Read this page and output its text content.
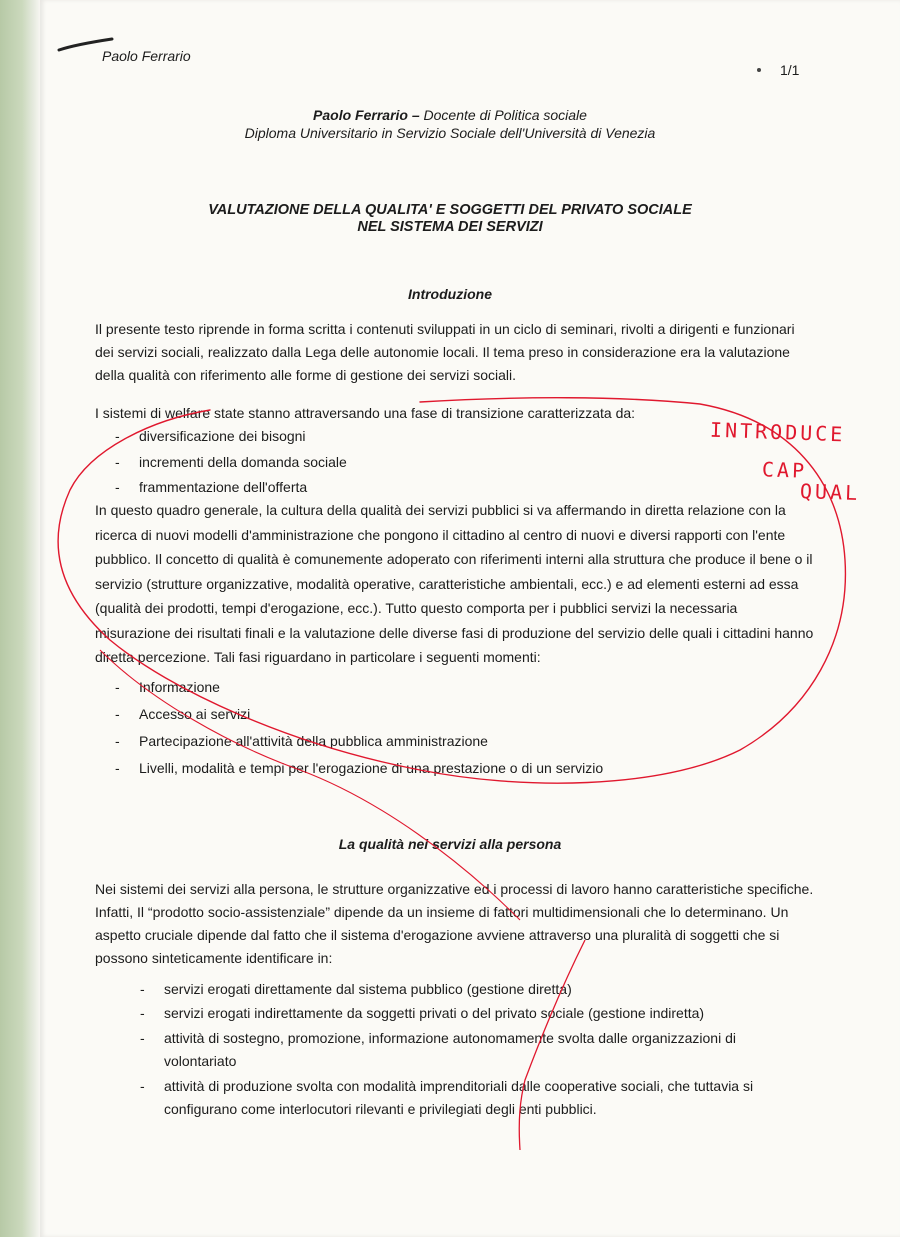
Paolo Ferrario
1/1
Paolo Ferrario – Docente di Politica sociale
Diploma Universitario in Servizio Sociale dell'Università di Venezia
VALUTAZIONE DELLA QUALITA' E SOGGETTI DEL PRIVATO SOCIALE
NEL SISTEMA DEI SERVIZI
Introduzione

Il presente testo riprende in forma scritta i contenuti sviluppati in un ciclo di seminari, rivolti a dirigenti e funzionari dei servizi sociali, realizzato dalla Lega delle autonomie locali. Il tema preso in considerazione era la valutazione della qualità con riferimento alle forme di gestione dei servizi sociali.

I sistemi di welfare state stanno attraversando una fase di transizione caratterizzata da:

- diversificazione dei bisogni
- incrementi della domanda sociale
- frammentazione dell'offerta

In questo quadro generale, la cultura della qualità dei servizi pubblici si va affermando in diretta relazione con la ricerca di nuovi modelli d'amministrazione che pongono il cittadino al centro di nuovi e diversi rapporti con l'ente pubblico. Il concetto di qualità è comunemente adoperato con riferimenti interni alla struttura che produce il bene o il servizio (strutture organizzative, modalità operative, caratteristiche ambientali, ecc.) e ad elementi esterni ad essa (qualità dei prodotti, tempi d'erogazione, ecc.). Tutto questo comporta per i pubblici servizi la necessaria misurazione dei risultati finali e la valutazione delle diverse fasi di produzione del servizio delle quali i cittadini hanno diretta percezione. Tali fasi riguardano in particolare i seguenti momenti:

- Informazione
- Accesso ai servizi
- Partecipazione all'attività della pubblica amministrazione
- Livelli, modalità e tempi per l'erogazione di una prestazione o di un servizio
La qualità nei servizi alla persona

Nei sistemi dei servizi alla persona, le strutture organizzative ed i processi di lavoro hanno caratteristiche specifiche. Infatti, Il “prodotto socio-assistenziale” dipende da un insieme di fattori multidimensionali che lo determinano. Un aspetto cruciale dipende dal fatto che il sistema d'erogazione avviene attraverso una pluralità di soggetti che si possono sinteticamente identificare in:

- servizi erogati direttamente dal sistema pubblico (gestione diretta)
- servizi erogati indirettamente da soggetti privati o del privato sociale (gestione indiretta)
- attività di sostegno, promozione, informazione autonomamente svolta dalle organizzazioni di volontariato
- attività di produzione svolta con modalità imprenditoriali dalle cooperative sociali, che tuttavia si configurano come interlocutori rilevanti e privilegiati degli enti pubblici.
INTRODUCE
CAP
QUAL
